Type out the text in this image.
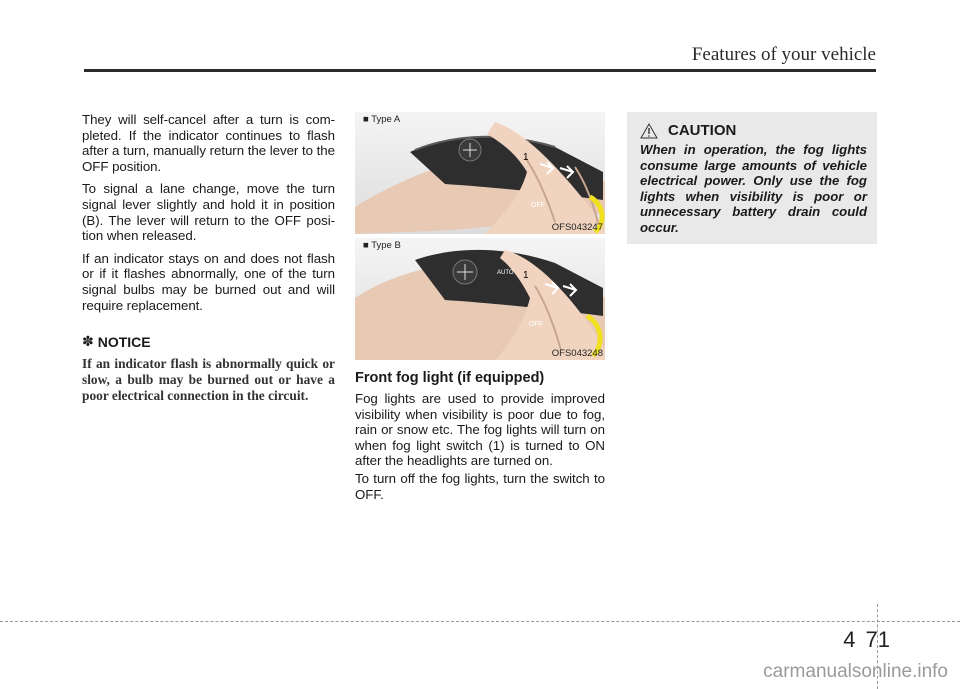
Features of your vehicle

They will self-cancel after a turn is com-pleted. If the indicator continues to flash after a turn, manually return the lever to the OFF position.

To signal a lane change, move the turn signal lever slightly and hold it in position (B). The lever will return to the OFF posi-tion when released.

If an indicator stays on and does not flash or if it flashes abnormally, one of the turn signal bulbs may be burned out and will require replacement.

✽ NOTICE
If an indicator flash is abnormally quick or slow, a bulb may be burned out or have a poor electrical connection in the circuit.
1
OFF
■ Type A
OFS043247
AUTO 1
OFF
■ Type B
OFS043248
Front fog light (if equipped)

Fog lights are used to provide improved visibility when visibility is poor due to fog, rain or snow etc. The fog lights will turn on when fog light switch (1) is turned to ON after the headlights are turned on.

To turn off the fog lights, turn the switch to OFF.

CAUTION
When in operation, the fog lights consume large amounts of vehicle electrical power. Only use the fog lights when visibility is poor or unnecessary battery drain could occur.
4 71
carmanualsonline.info
